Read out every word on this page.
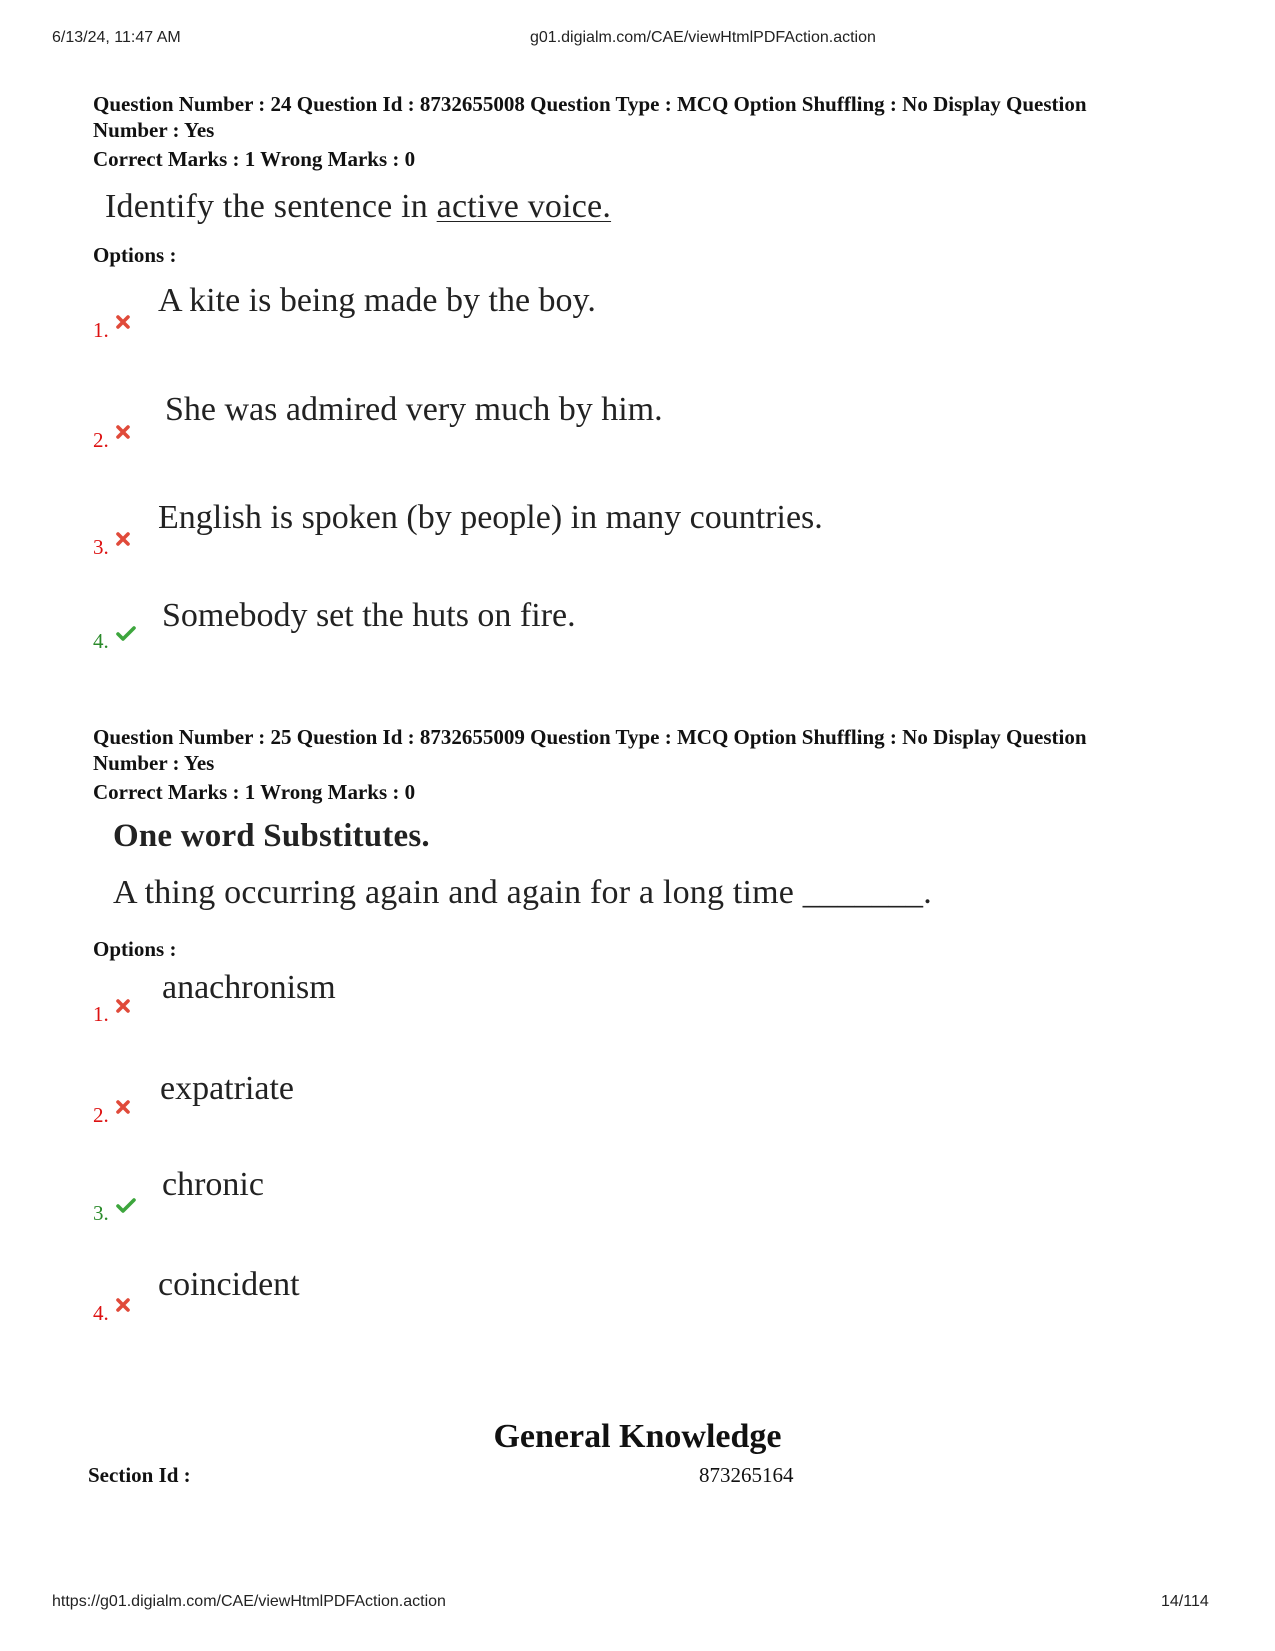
6/13/24, 11:47 AM	g01.digialm.com/CAE/viewHtmlPDFAction.action
Question Number : 24 Question Id : 8732655008 Question Type : MCQ Option Shuffling : No Display Question
Number : Yes
Correct Marks : 1 Wrong Marks : 0
Identify the sentence in active voice.
Options :
1.
A kite is being made by the boy.
2.
She was admired very much by him.
3.
English is spoken (by people) in many countries.
4.
Somebody set the huts on fire.
Question Number : 25 Question Id : 8732655009 Question Type : MCQ Option Shuffling : No Display Question
Number : Yes
Correct Marks : 1 Wrong Marks : 0
One word Substitutes.
A thing occurring again and again for a long time _______.
Options :
1.
anachronism
2.
expatriate
3.
chronic
4.
coincident
General Knowledge
Section Id :	873265164
https://g01.digialm.com/CAE/viewHtmlPDFAction.action	14/114
